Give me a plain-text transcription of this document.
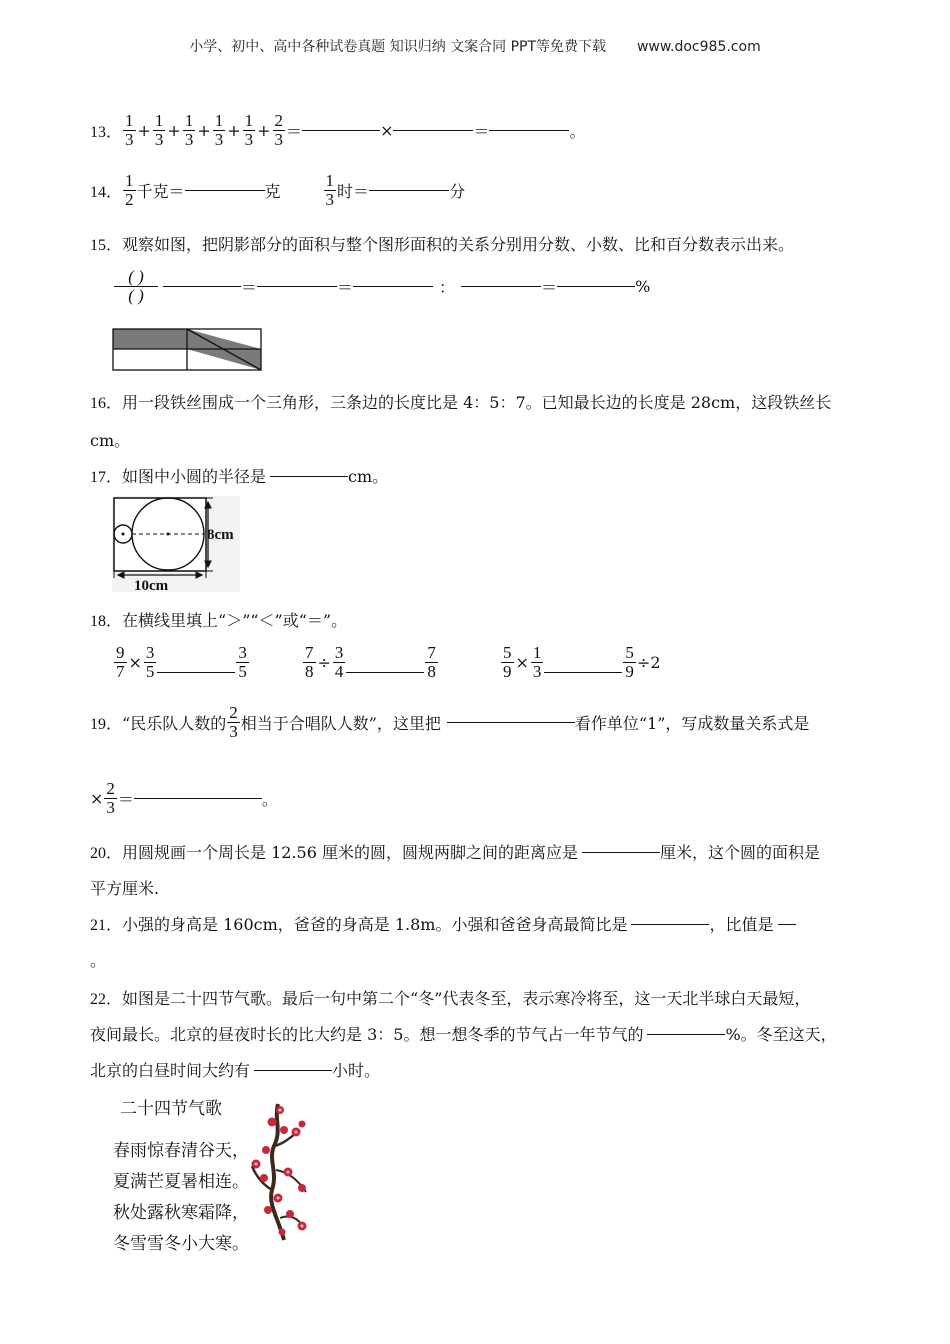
小学、初中、高中各种试卷真题 知识归纳 文案合同 PPT等免费下载 www.doc985.com
13． $\frac{1}{3} + \frac{1}{3} + \frac{1}{3} + \frac{1}{3} + \frac{1}{3} + \frac{2}{3}$ ＝	×	＝	。
14． $\frac{1}{2}$ 千克＝	克	$\frac{1}{3}$ 时＝	分
15．观察如图，把阴影部分的面积与整个图形面积的关系分别用分数、小数、比和百分数表示出来。
$\frac{( )}{( )}$	＝	＝	：	＝	%
16．用一段铁丝围成一个三角形，三条边的长度比是 4：5：7。已知最长边的长度是 28cm，这段铁丝长
cm。
17． 如图中小圆的半径是	cm。
8cm
10cm
18．在横线里填上“＞”“＜”或“＝”。
$\frac{9}{7} \times \frac{3}{5}$	$\frac{3}{5}$	$\frac{7}{8} \div \frac{3}{4}$	$\frac{7}{8}$	$\frac{5}{9} \times \frac{1}{3}$	$\frac{5}{9} \div 2$
19． “民乐队人数的 $\frac{2}{3}$ 相当于合唱队人数”，这里把	看作单位“1”，写成数量关系式是
× $\frac{2}{3}$ ＝	。
20． 用圆规画一个周长是 12.56 厘米的圆，圆规两脚之间的距离应是	厘米，这个圆的面积是
平方厘米.
21． 小强的身高是 160cm，爸爸的身高是 1.8m。小强和爸爸身高最简比是	，比值是
。
22．如图是二十四节气歌。最后一句中第二个“冬”代表冬至，表示寒冷将至，这一天北半球白天最短，
夜间最长。北京的昼夜时长的比大约是 3：5。想一想冬季的节气占一年节气的	%。冬至这天，
北京的白昼时间大约有	小时。
二十四节气歌
春雨惊春清谷天，
夏满芒夏暑相连。
秋处露秋寒霜降，
冬雪雪冬小大寒。
